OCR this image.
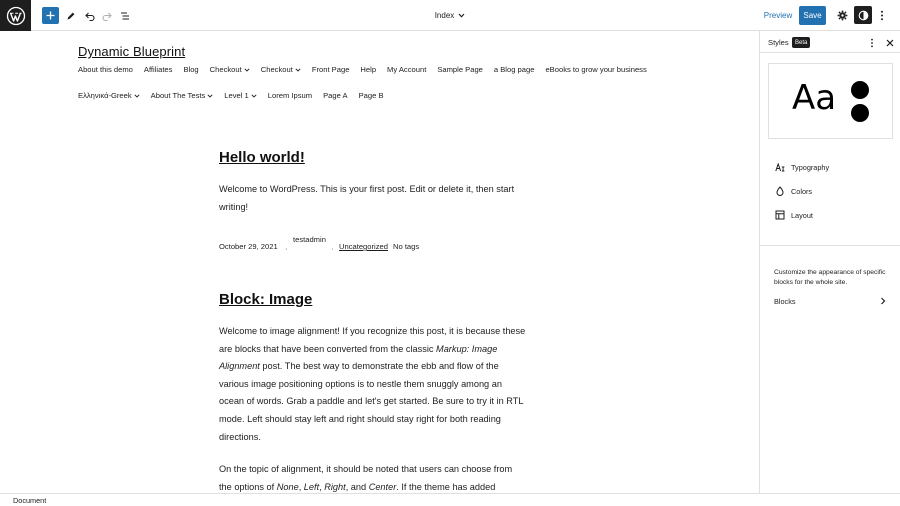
Index	Preview	Save
Dynamic Blueprint
About this demo Affiliates Blog Checkout	Checkout	Front Page Help My Account Sample Page a Blog page eBooks to grow your business
Ελληνικά-Greek	About The Tests	Level 1	Lorem Ipsum Page A Page B
Hello world!

Welcome to WordPress. This is your first post. Edit or delete it, then start
writing!

October 29, 2021 ·
testadmin
· Uncategorized No tags
Block: Image

Welcome to image alignment! If you recognize this post, it is because these
are blocks that have been converted from the classic Markup: Image
Alignment post. The best way to demonstrate the ebb and flow of the
various image positioning options is to nestle them snuggly among an
ocean of words. Grab a paddle and let's get started. Be sure to try it in RTL
mode. Left should stay left and right should stay right for both reading
directions.

On the topic of alignment, it should be noted that users can choose from
the options of None, Left, Right, and Center. If the theme has added

Styles	Beta
Aa
Typography
Colors
Layout
Customize the appearance of specific blocks for the whole site.
Blocks
Document
